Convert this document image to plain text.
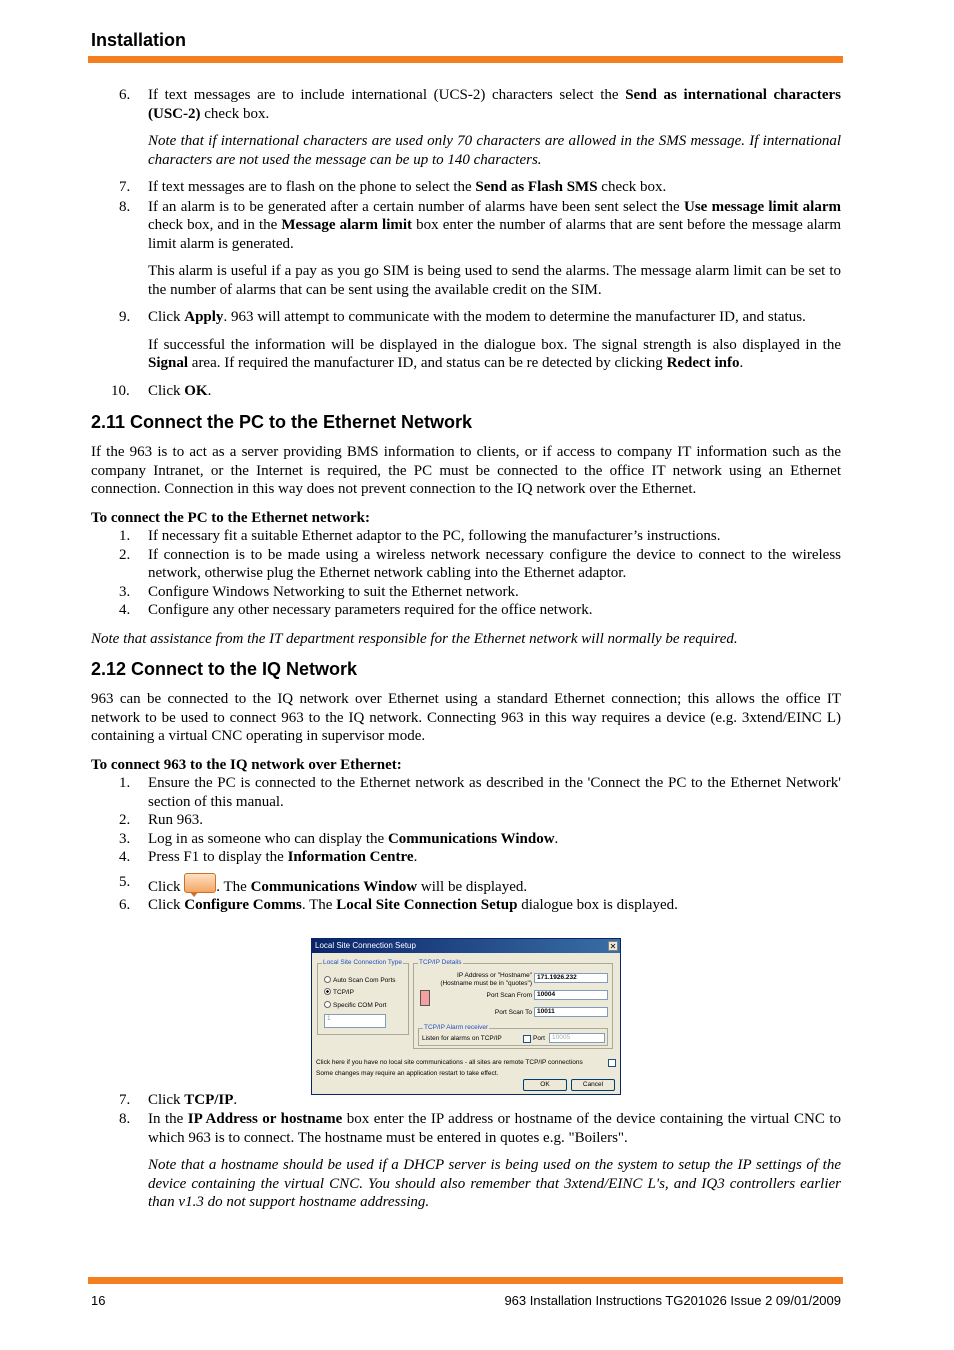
Installation
6.	If text messages are to include international (UCS-2) characters select the Send as international characters (USC-2) check box.
Note that if international characters are used only 70 characters are allowed in the SMS message. If international characters are not used the message can be up to 140 characters.
7.	If text messages are to flash on the phone to select the Send as Flash SMS check box.
8.	If an alarm is to be generated after a certain number of alarms have been sent select the Use message limit alarm check box, and in the Message alarm limit box enter the number of alarms that are sent before the message alarm limit alarm is generated.
This alarm is useful if a pay as you go SIM is being used to send the alarms. The message alarm limit can be set to the number of alarms that can be sent using the available credit on the SIM.
9.	Click Apply. 963 will attempt to communicate with the modem to determine the manufacturer ID, and status.
If successful the information will be displayed in the dialogue box. The signal strength is also displayed in the Signal area. If required the manufacturer ID, and status can be re detected by clicking Redect info.
10.	Click OK.
2.11 Connect the PC to the Ethernet Network
If the 963 is to act as a server providing BMS information to clients, or if access to company IT information such as the company Intranet, or the Internet is required, the PC must be connected to the office IT network using an Ethernet connection. Connection in this way does not prevent connection to the IQ network over the Ethernet.
To connect the PC to the Ethernet network:
1.	If necessary fit a suitable Ethernet adaptor to the PC, following the manufacturer’s instructions.
2.	If connection is to be made using a wireless network necessary configure the device to connect to the wireless network, otherwise plug the Ethernet network cabling into the Ethernet adaptor.
3.	Configure Windows Networking to suit the Ethernet network.
4.	Configure any other necessary parameters required for the office network.
Note that assistance from the IT department responsible for the Ethernet network will normally be required.
2.12 Connect to the IQ Network
963 can be connected to the IQ network over Ethernet using a standard Ethernet connection; this allows the office IT network to be used to connect 963 to the IQ network. Connecting 963 in this way requires a device (e.g. 3xtend/EINC L) containing a virtual CNC operating in supervisor mode.
To connect 963 to the IQ network over Ethernet:
1.	Ensure the PC is connected to the Ethernet network as described in the 'Connect the PC to the Ethernet Network' section of this manual.
2.	Run 963.
3.	Log in as someone who can display the Communications Window.
4.	Press F1 to display the Information Centre.
5.	Click . The Communications Window will be displayed.
6.	Click Configure Comms. The Local Site Connection Setup dialogue box is displayed.
7.	Click TCP/IP.
8.	In the IP Address or hostname box enter the IP address or hostname of the device containing the virtual CNC to which 963 is to connect. The hostname must be entered in quotes e.g. "Boilers".
Note that a hostname should be used if a DHCP server is being used on the system to setup the IP settings of the device containing the virtual CNC. You should also remember that 3xtend/EINC L's, and IQ3 controllers earlier than v1.3 do not support hostname addressing.
Local Site Connection Setup	✕
Local Site Connection Type
Auto Scan Com Ports
TCP/IP
Specific COM Port
1
TCP/IP Details
IP Address or "Hostname" (Hostname must be in "quotes")
171.1926.232
Port Scan From 10004
Port Scan To 10011
TCP/IP Alarm receiver
Listen for alarms on TCP/IP	Port	10005
Click here if you have no local site communications - all sites are remote TCP/IP connections
Some changes may require an application restart to take effect.
OK	Cancel
16	963 Installation Instructions TG201026 Issue 2 09/01/2009
